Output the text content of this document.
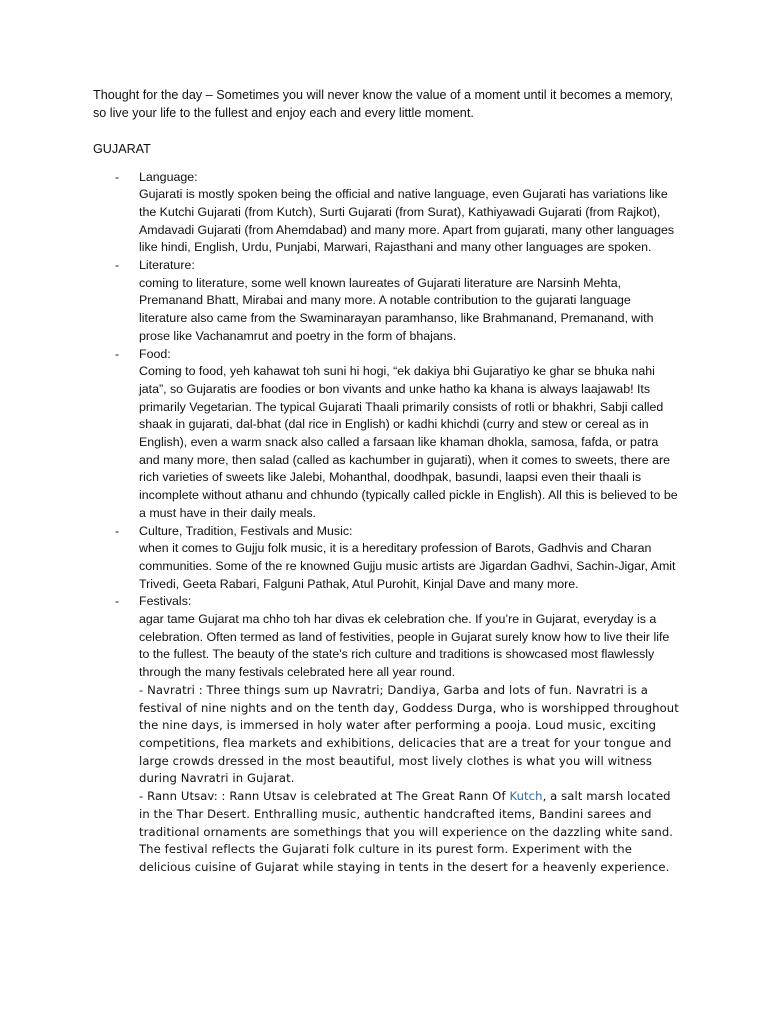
Thought for the day – Sometimes you will never know the value of a moment until it becomes a memory, so live your life to the fullest and enjoy each and every little moment.

GUJARAT

- Language:
Gujarati is mostly spoken being the official and native language, even Gujarati has variations like the Kutchi Gujarati (from Kutch), Surti Gujarati (from Surat), Kathiyawadi Gujarati (from Rajkot), Amdavadi Gujarati (from Ahemdabad) and many more. Apart from gujarati, many other languages like hindi, English, Urdu, Punjabi, Marwari, Rajasthani and many other languages are spoken.
- Literature:
coming to literature, some well known laureates of Gujarati literature are Narsinh Mehta, Premanand Bhatt, Mirabai and many more. A notable contribution to the gujarati language literature also came from the Swaminarayan paramhanso, like Brahmanand, Premanand, with prose like Vachanamrut and poetry in the form of bhajans.
- Food:
Coming to food, yeh kahawat toh suni hi hogi, “ek dakiya bhi Gujaratiyo ke ghar se bhuka nahi jata”, so Gujaratis are foodies or bon vivants and unke hatho ka khana is always laajawab! Its primarily Vegetarian. The typical Gujarati Thaali primarily consists of rotli or bhakhri, Sabji called shaak in gujarati, dal-bhat (dal rice in English) or kadhi khichdi (curry and stew or cereal as in English), even a warm snack also called a farsaan like khaman dhokla, samosa, fafda, or patra and many more, then salad (called as kachumber in gujarati), when it comes to sweets, there are rich varieties of sweets like Jalebi, Mohanthal, doodhpak, basundi, laapsi even their thaali is incomplete without athanu and chhundo (typically called pickle in English). All this is believed to be a must have in their daily meals.
- Culture, Tradition, Festivals and Music:
when it comes to Gujju folk music, it is a hereditary profession of Barots, Gadhvis and Charan communities. Some of the re knowned Gujju music artists are Jigardan Gadhvi, Sachin-Jigar, Amit Trivedi, Geeta Rabari, Falguni Pathak, Atul Purohit, Kinjal Dave and many more.
- Festivals:
agar tame Gujarat ma chho toh har divas ek celebration che. If you’re in Gujarat, everyday is a celebration. Often termed as land of festivities, people in Gujarat surely know how to live their life to the fullest. The beauty of the state's rich culture and traditions is showcased most flawlessly through the many festivals celebrated here all year round.
- Navratri : Three things sum up Navratri; Dandiya, Garba and lots of fun. Navratri is a festival of nine nights and on the tenth day, Goddess Durga, who is worshipped throughout the nine days, is immersed in holy water after performing a pooja. Loud music, exciting competitions, flea markets and exhibitions, delicacies that are a treat for your tongue and large crowds dressed in the most beautiful, most lively clothes is what you will witness during Navratri in Gujarat.
- Rann Utsav: : Rann Utsav is celebrated at The Great Rann Of Kutch, a salt marsh located in the Thar Desert. Enthralling music, authentic handcrafted items, Bandini sarees and traditional ornaments are somethings that you will experience on the dazzling white sand. The festival reflects the Gujarati folk culture in its purest form. Experiment with the delicious cuisine of Gujarat while staying in tents in the desert for a heavenly experience.
